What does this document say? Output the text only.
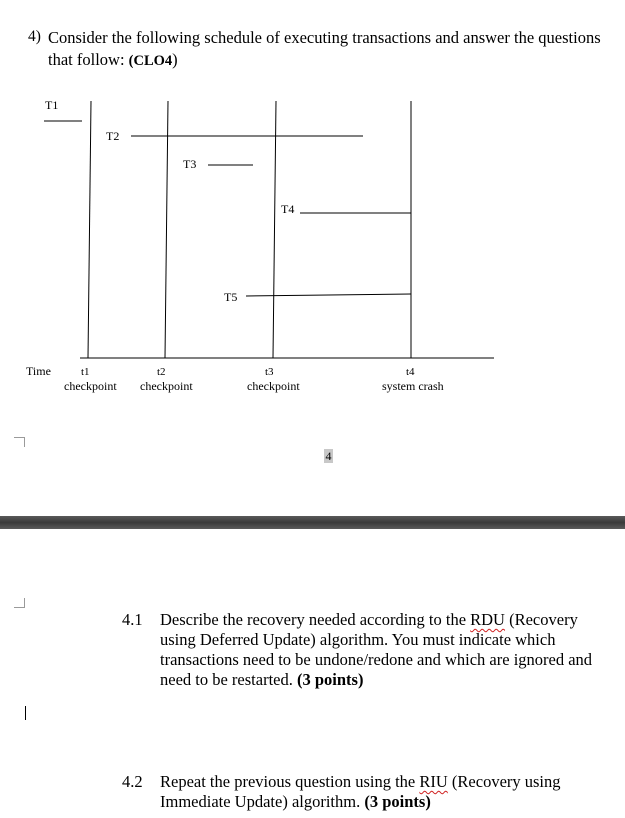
4) Consider the following schedule of executing transactions and answer the questions
that follow: (CLO4)
T1
T2
T3
T4
T5
Time	t1
checkpoint
t2
checkpoint
t3
checkpoint
t4
system crash
4
4.1 Describe the recovery needed according to the RDU (Recovery using Deferred Update) algorithm. You must indicate which transactions need to be undone/redone and which are ignored and need to be restarted. (3 points)
4.2 Repeat the previous question using the RIU (Recovery using Immediate Update) algorithm. (3 points)
